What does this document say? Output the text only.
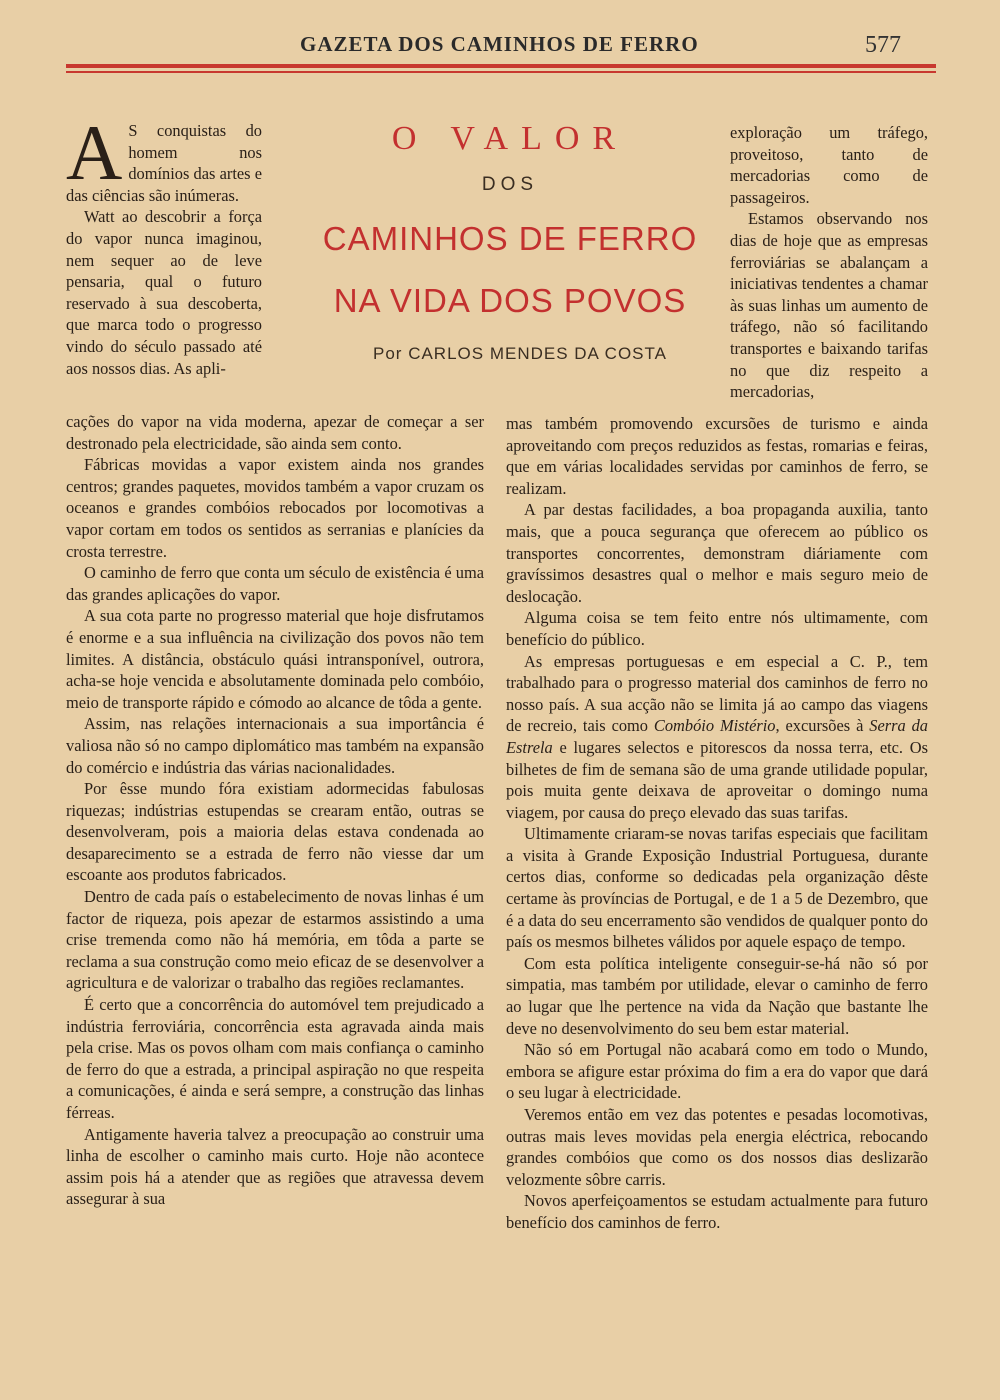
GAZETA DOS CAMINHOS DE FERRO	577

A S conquistas do homem nos domínios das artes e das ciências são inúmeras.

Watt ao descobrir a força do vapor nunca imaginou, nem sequer ao de leve pensaria, qual o futuro reservado à sua descoberta, que marca todo o progresso vindo do século passado até aos nossos dias. As apli-

O VALOR
DOS
CAMINHOS DE FERRO
NA VIDA DOS POVOS
Por CARLOS MENDES DA COSTA

exploração um tráfego, proveitoso, tanto de mercadorias como de passageiros.

Estamos observando nos dias de hoje que as empresas ferroviárias se abalançam a iniciativas tendentes a chamar às suas linhas um aumento de tráfego, não só facilitando transportes e baixando tarifas no que diz respeito a mercadorias,

cações do vapor na vida moderna, apezar de começar a ser destronado pela electricidade, são ainda sem conto.

Fábricas movidas a vapor existem ainda nos grandes centros; grandes paquetes, movidos também a vapor cruzam os oceanos e grandes combóios rebocados por locomotivas a vapor cortam em todos os sentidos as serranias e planícies da crosta terrestre.

O caminho de ferro que conta um século de existência é uma das grandes aplicações do vapor.

A sua cota parte no progresso material que hoje disfrutamos é enorme e a sua influência na civilização dos povos não tem limites. A distância, obstáculo quási intransponível, outrora, acha-se hoje vencida e absolutamente dominada pelo combóio, meio de transporte rápido e cómodo ao alcance de tôda a gente.

Assim, nas relações internacionais a sua importância é valiosa não só no campo diplomático mas também na expansão do comércio e indústria das várias nacionalidades.

Por êsse mundo fóra existiam adormecidas fabulosas riquezas; indústrias estupendas se crearam então, outras se desenvolveram, pois a maioria delas estava condenada ao desaparecimento se a estrada de ferro não viesse dar um escoante aos produtos fabricados.

Dentro de cada país o estabelecimento de novas linhas é um factor de riqueza, pois apezar de estarmos assistindo a uma crise tremenda como não há memória, em tôda a parte se reclama a sua construção como meio eficaz de se desenvolver a agricultura e de valorizar o trabalho das regiões reclamantes.

É certo que a concorrência do automóvel tem prejudicado a indústria ferroviária, concorrência esta agravada ainda mais pela crise. Mas os povos olham com mais confiança o caminho de ferro do que a estrada, a principal aspiração no que respeita a comunicações, é ainda e será sempre, a construção das linhas férreas.

Antigamente haveria talvez a preocupação ao construir uma linha de escolher o caminho mais curto. Hoje não acontece assim pois há a atender que as regiões que atravessa devem assegurar à sua

mas também promovendo excursões de turismo e ainda aproveitando com preços reduzidos as festas, romarias e feiras, que em várias localidades servidas por caminhos de ferro, se realizam.

A par destas facilidades, a boa propaganda auxilia, tanto mais, que a pouca segurança que oferecem ao público os transportes concorrentes, demonstram diáriamente com gravíssimos desastres qual o melhor e mais seguro meio de deslocação.

Alguma coisa se tem feito entre nós ultimamente, com benefício do público.

As empresas portuguesas e em especial a C. P., tem trabalhado para o progresso material dos caminhos de ferro no nosso país. A sua acção não se limita já ao campo das viagens de recreio, tais como Combóio Mistério, excursões à Serra da Estrela e lugares selectos e pitorescos da nossa terra, etc. Os bilhetes de fim de semana são de uma grande utilidade popular, pois muita gente deixava de aproveitar o domingo numa viagem, por causa do preço elevado das suas tarifas.

Ultimamente criaram-se novas tarifas especiais que facilitam a visita à Grande Exposição Industrial Portuguesa, durante certos dias, conforme so dedicadas pela organização dêste certame às províncias de Portugal, e de 1 a 5 de Dezembro, que é a data do seu encerramento são vendidos de qualquer ponto do país os mesmos bilhetes válidos por aquele espaço de tempo.

Com esta política inteligente conseguir-se-há não só por simpatia, mas também por utilidade, elevar o caminho de ferro ao lugar que lhe pertence na vida da Nação que bastante lhe deve no desenvolvimento do seu bem estar material.

Não só em Portugal não acabará como em todo o Mundo, embora se afigure estar próxima do fim a era do vapor que dará o seu lugar à electricidade.

Veremos então em vez das potentes e pesadas locomotivas, outras mais leves movidas pela energia eléctrica, rebocando grandes combóios que como os dos nossos dias deslizarão velozmente sôbre carris.

Novos aperfeiçoamentos se estudam actualmente para futuro benefício dos caminhos de ferro.
